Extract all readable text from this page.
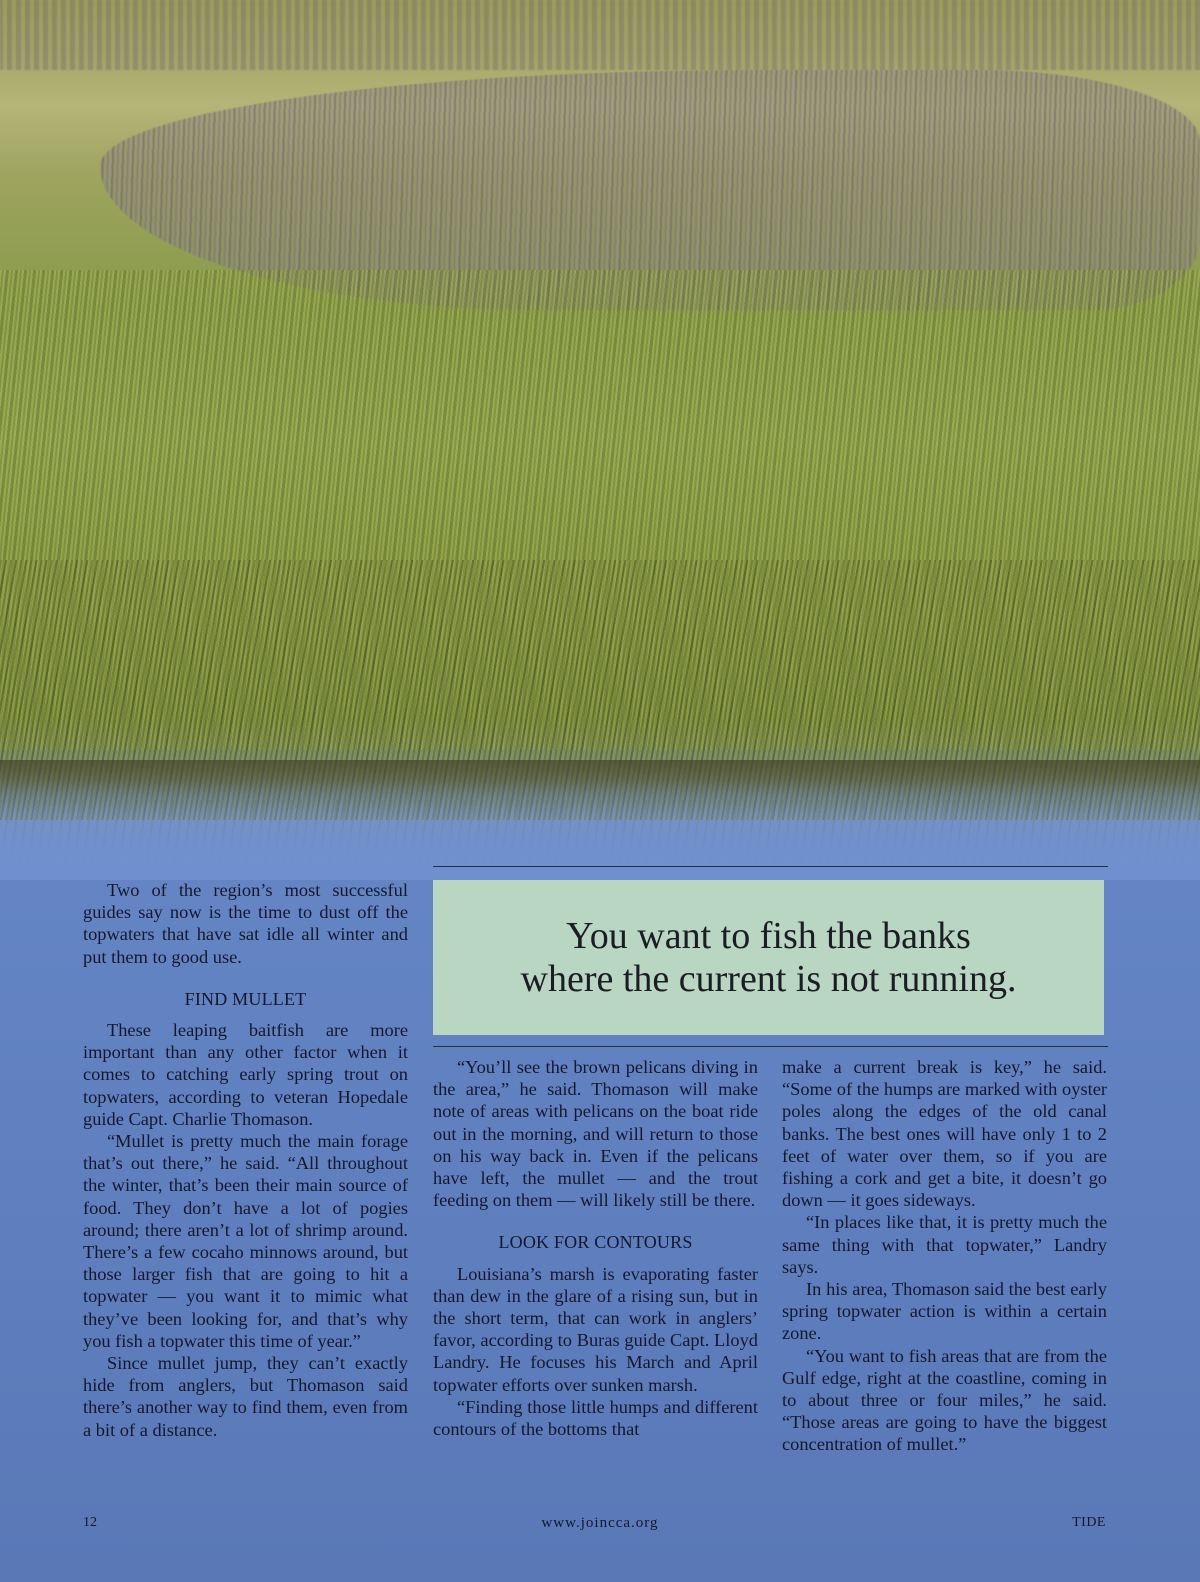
Two of the region’s most successful guides say now is the time to dust off the topwaters that have sat idle all winter and put them to good use.

FIND MULLET

These leaping baitfish are more important than any other factor when it comes to catching early spring trout on topwaters, according to veteran Hopedale guide Capt. Charlie Thomason.

“Mullet is pretty much the main forage that’s out there,” he said. “All throughout the winter, that’s been their main source of food. They don’t have a lot of pogies around; there aren’t a lot of shrimp around. There’s a few cocaho minnows around, but those larger fish that are going to hit a topwater — you want it to mimic what they’ve been looking for, and that’s why you fish a topwater this time of year.”

Since mullet jump, they can’t exactly hide from anglers, but Thomason said there’s another way to find them, even from a bit of a distance.

You want to fish the banks
where the current is not running.

“You’ll see the brown pelicans diving in the area,” he said. Thomason will make note of areas with pelicans on the boat ride out in the morning, and will return to those on his way back in. Even if the pelicans have left, the mullet — and the trout feeding on them — will likely still be there.

LOOK FOR CONTOURS

Louisiana’s marsh is evaporating faster than dew in the glare of a rising sun, but in the short term, that can work in anglers’ favor, according to Buras guide Capt. Lloyd Landry. He focuses his March and April topwater efforts over sunken marsh.

“Finding those little humps and different contours of the bottoms that

make a current break is key,” he said. “Some of the humps are marked with oyster poles along the edges of the old canal banks. The best ones will have only 1 to 2 feet of water over them, so if you are fishing a cork and get a bite, it doesn’t go down — it goes sideways.

“In places like that, it is pretty much the same thing with that topwater,” Landry says.

In his area, Thomason said the best early spring topwater action is within a certain zone.

“You want to fish areas that are from the Gulf edge, right at the coastline, coming in to about three or four miles,” he said. “Those areas are going to have the biggest concentration of mullet.”

12	www.joincca.org	TIDE
